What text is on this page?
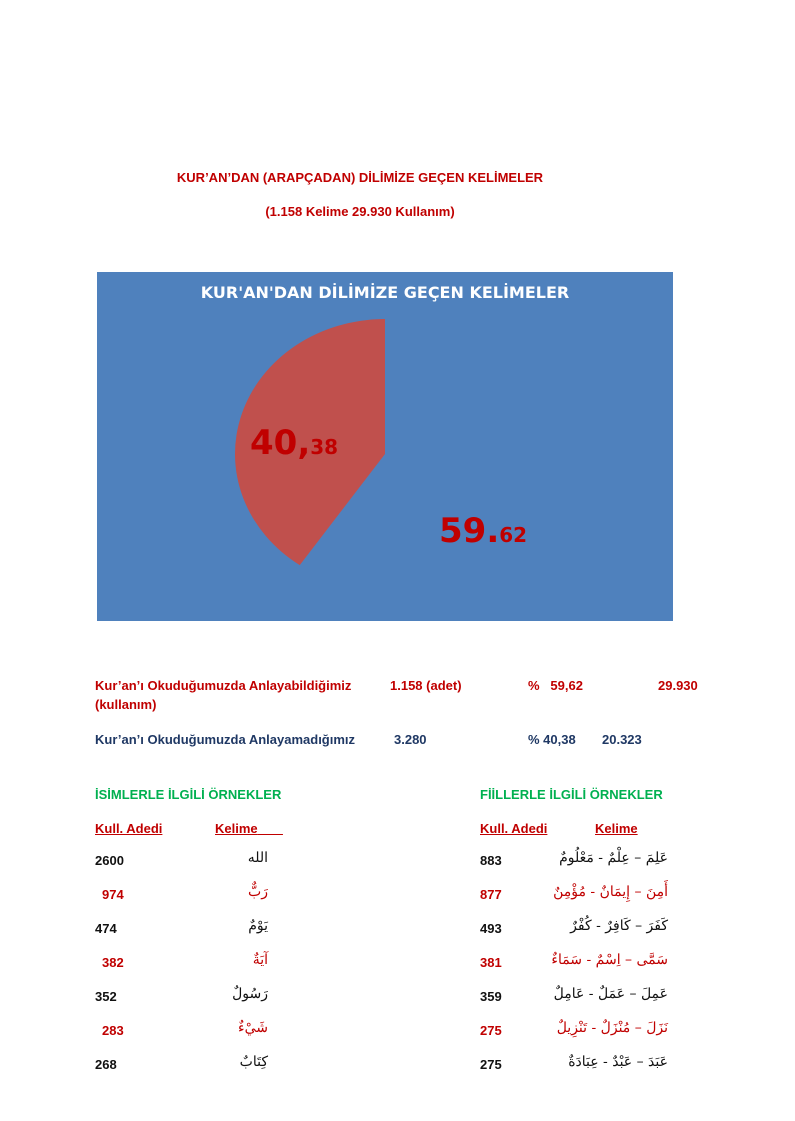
KUR’AN’DAN (ARAPÇADAN) DİLİMİZE GEÇEN KELİMELER
(1.158 Kelime 29.930 Kullanım)
KUR'AN'DAN DİLİMİZE GEÇEN KELİMELER
40,38
59.62
Kur’an’ı Okuduğumuzda Anlayabildiğimiz
(kullanım)
1.158 (adet)	%   59,62	29.930
Kur’an’ı Okuduğumuzda Anlayamadığımız	3.280	% 40,38 20.323
İSİMLERLE İLGİLİ ÖRNEKLER
Kull. Adedi	Kelime
2600	الله
974	رَبٌّ
474	يَوْمٌ
382	آيَةٌ
352	رَسُولٌ
283	شَيْءٌ
268	كِتَابٌ
FİİLLERLE İLGİLİ ÖRNEKLER
Kull. Adedi	Kelime
883	عَلِمَ – عِلْمٌ - مَعْلُومٌ
877	أَمِنَ – إِيمَانٌ - مُؤْمِنٌ
493	كَفَرَ – كَافِرٌ - كُفْرٌ
381	سَمَّى – اِسْمٌ - سَمَاءٌ
359	عَمِلَ – عَمَلٌ - عَامِلٌ
275	نَزَلَ – مُنْزَلٌ - تَنْزِيلٌ
275	عَبَدَ – عَبْدٌ - عِبَادَةٌ
